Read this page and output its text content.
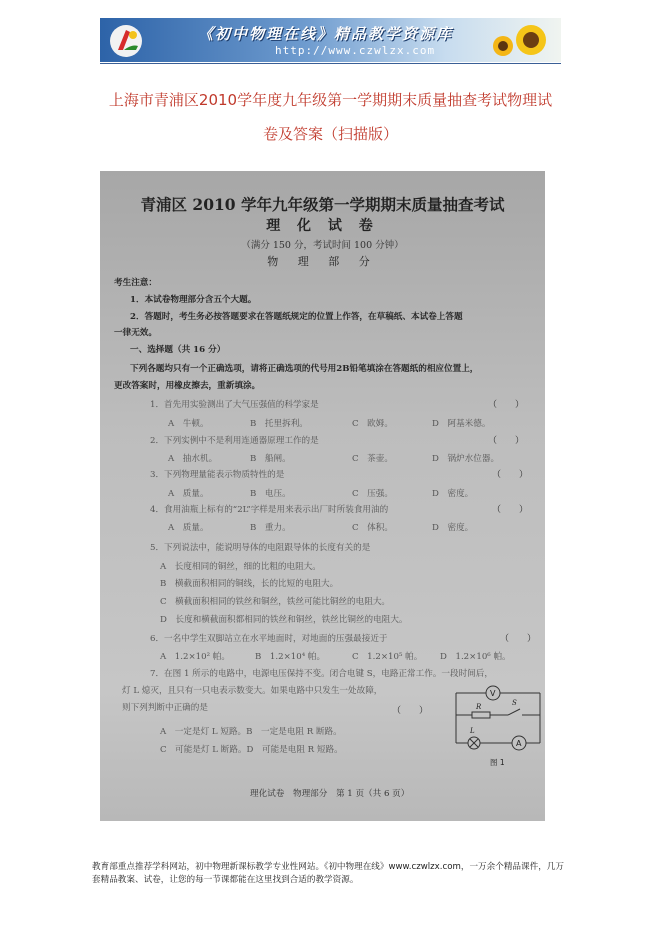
《初中物理在线》精品教学资源库
http://www.czwlzx.com
上海市青浦区2010学年度九年级第一学期期末质量抽查考试物理试
卷及答案（扫描版）
青浦区 2010 学年九年级第一学期期末质量抽查考试
理 化 试 卷
（满分 150 分，考试时间 100 分钟）
物 理 部 分
考生注意：
1．本试卷物理部分含五个大题。
2．答题时，考生务必按答题要求在答题纸规定的位置上作答，在草稿纸、本试卷上答题
一律无效。
一、选择题（共 16 分）
下列各题均只有一个正确选项，请将正确选项的代号用2B铅笔填涂在答题纸的相应位置上，
更改答案时，用橡皮擦去，重新填涂。
1．首先用实验测出了大气压强值的科学家是	（　　）
A　牛顿。	B　托里拆利。	C　欧姆。	D　阿基米德。
2．下列实例中不是利用连通器原理工作的是	（　　）
A　抽水机。	B　船闸。	C　茶壶。	D　锅炉水位器。
3．下列物理量能表示物质特性的是	（　　）
A　质量。	B　电压。	C　压强。	D　密度。
4．食用油瓶上标有的“2L”字样是用来表示出厂时所装食用油的	（　　）
A　质量。	B　重力。	C　体积。	D　密度。
5．下列说法中，能说明导体的电阻跟导体的长度有关的是
A　长度相同的铜丝，细的比粗的电阻大。
B　横截面积相同的铜线，长的比短的电阻大。
C　横截面积相同的铁丝和铜丝，铁丝可能比铜丝的电阻大。
D　长度和横截面积都相同的铁丝和铜丝，铁丝比铜丝的电阻大。
6．一名中学生双脚站立在水平地面时，对地面的压强最接近于	（　　）
A　1.2×10² 帕。	B　1.2×10⁴ 帕。	C　1.2×10⁵ 帕。 D　1.2×10⁶ 帕。
7．在图 1 所示的电路中，电源电压保持不变。闭合电键 S，电路正常工作。一段时间后，
灯 L 熄灭，且只有一只电表示数变大。如果电路中只发生一处故障，
则下列判断中正确的是	（　　）
A　一定是灯 L 短路。B　一定是电阻 R 断路。
C　可能是灯 L 断路。D　可能是电阻 R 短路。
V
R	S
L
A
图 1
理化试卷　物理部分　第 1 页（共 6 页）
教育部重点推荐学科网站，初中物理新课标教学专业性网站。《初中物理在线》www.czwlzx.com，一万余个精品课件，几万套精品教案、试卷，让您的每一节课都能在这里找到合适的教学资源。
